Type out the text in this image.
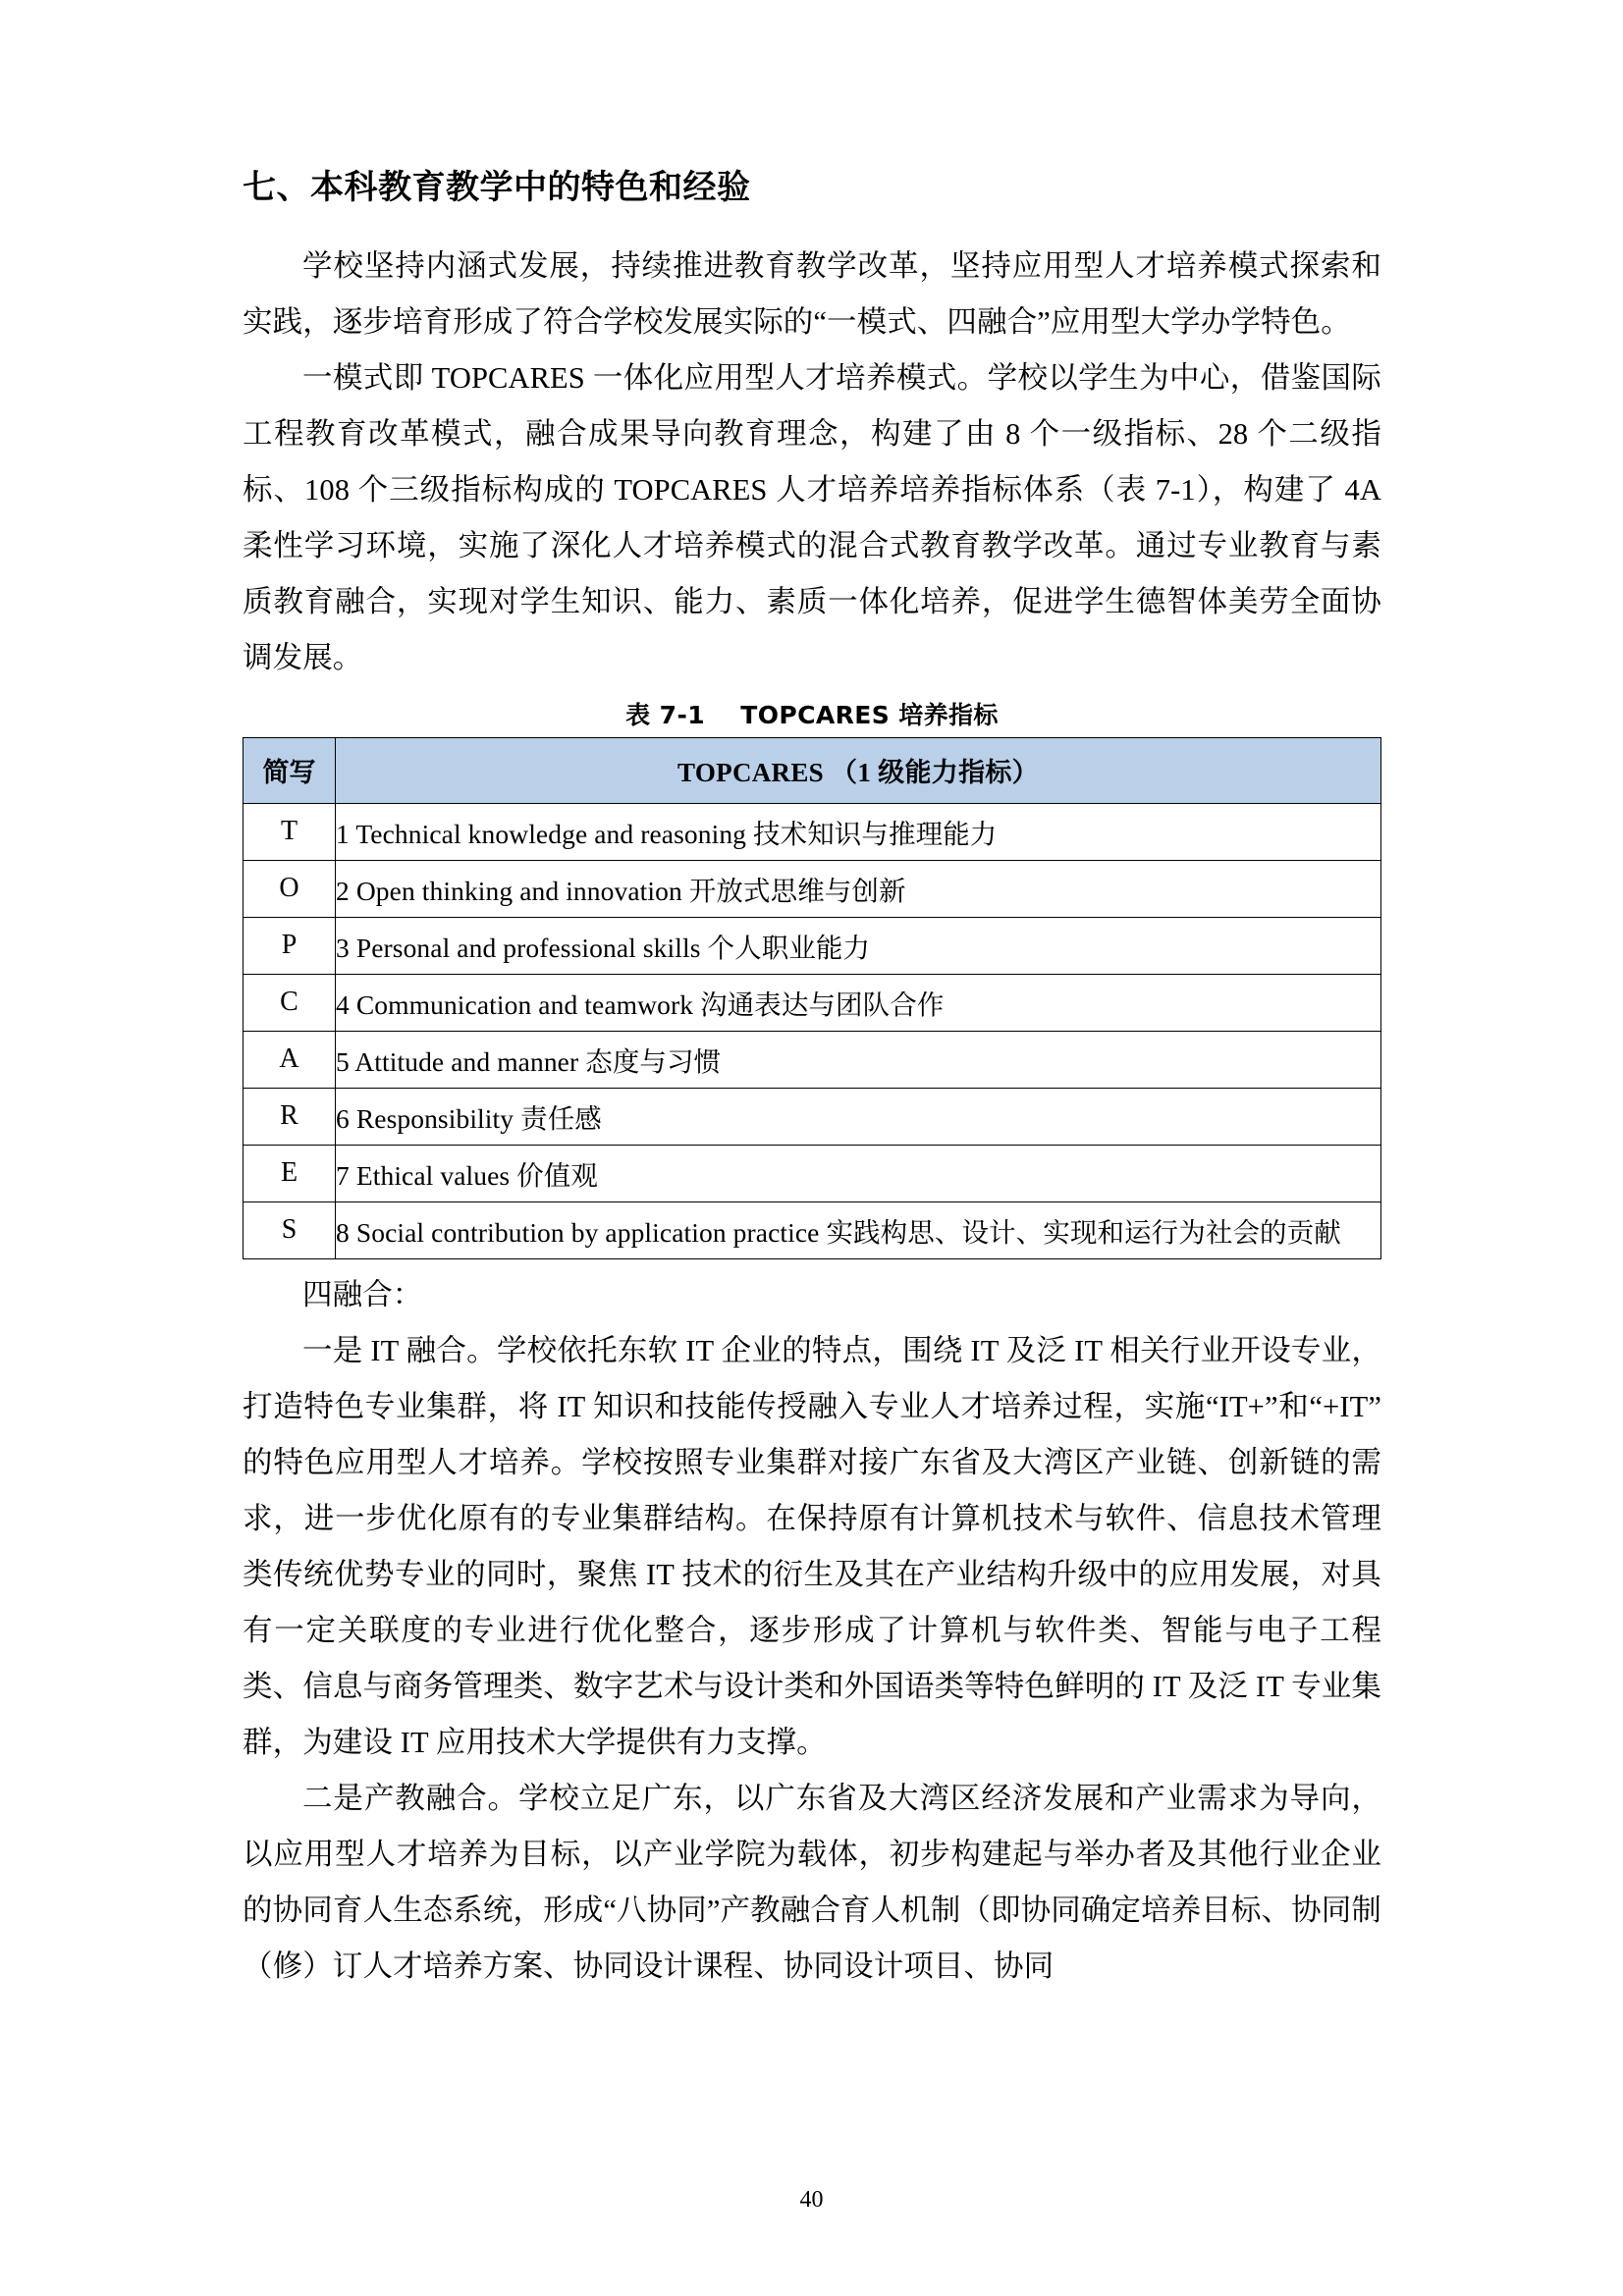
七、本科教育教学中的特色和经验

学校坚持内涵式发展，持续推进教育教学改革，坚持应用型人才培养模式探索和实践，逐步培育形成了符合学校发展实际的“一模式、四融合”应用型大学办学特色。

一模式即 TOPCARES 一体化应用型人才培养模式。学校以学生为中心，借鉴国际工程教育改革模式，融合成果导向教育理念，构建了由 8 个一级指标、28 个二级指标、108 个三级指标构成的 TOPCARES 人才培养培养指标体系（表 7-1），构建了 4A 柔性学习环境，实施了深化人才培养模式的混合式教育教学改革。通过专业教育与素质教育融合，实现对学生知识、能力、素质一体化培养，促进学生德智体美劳全面协调发展。

表 7-1 TOPCARES 培养指标
简写	TOPCARES （1 级能力指标）
T	1 Technical knowledge and reasoning 技术知识与推理能力
O	2 Open thinking and innovation 开放式思维与创新
P	3 Personal and professional skills 个人职业能力
C	4 Communication and teamwork 沟通表达与团队合作
A	5 Attitude and manner 态度与习惯
R	6 Responsibility 责任感
E	7 Ethical values 价值观
S	8 Social contribution by application practice 实践构思、设计、实现和运行为社会的贡献

四融合：

一是 IT 融合。学校依托东软 IT 企业的特点，围绕 IT 及泛 IT 相关行业开设专业，打造特色专业集群，将 IT 知识和技能传授融入专业人才培养过程，实施“IT+”和“+IT”的特色应用型人才培养。学校按照专业集群对接广东省及大湾区产业链、创新链的需求，进一步优化原有的专业集群结构。在保持原有计算机技术与软件、信息技术管理类传统优势专业的同时，聚焦 IT 技术的衍生及其在产业结构升级中的应用发展，对具有一定关联度的专业进行优化整合，逐步形成了计算机与软件类、智能与电子工程类、信息与商务管理类、数字艺术与设计类和外国语类等特色鲜明的 IT 及泛 IT 专业集群，为建设 IT 应用技术大学提供有力支撑。

二是产教融合。学校立足广东，以广东省及大湾区经济发展和产业需求为导向，以应用型人才培养为目标，以产业学院为载体，初步构建起与举办者及其他行业企业的协同育人生态系统，形成“八协同”产教融合育人机制（即协同确定培养目标、协同制（修）订人才培养方案、协同设计课程、协同设计项目、协同

40
